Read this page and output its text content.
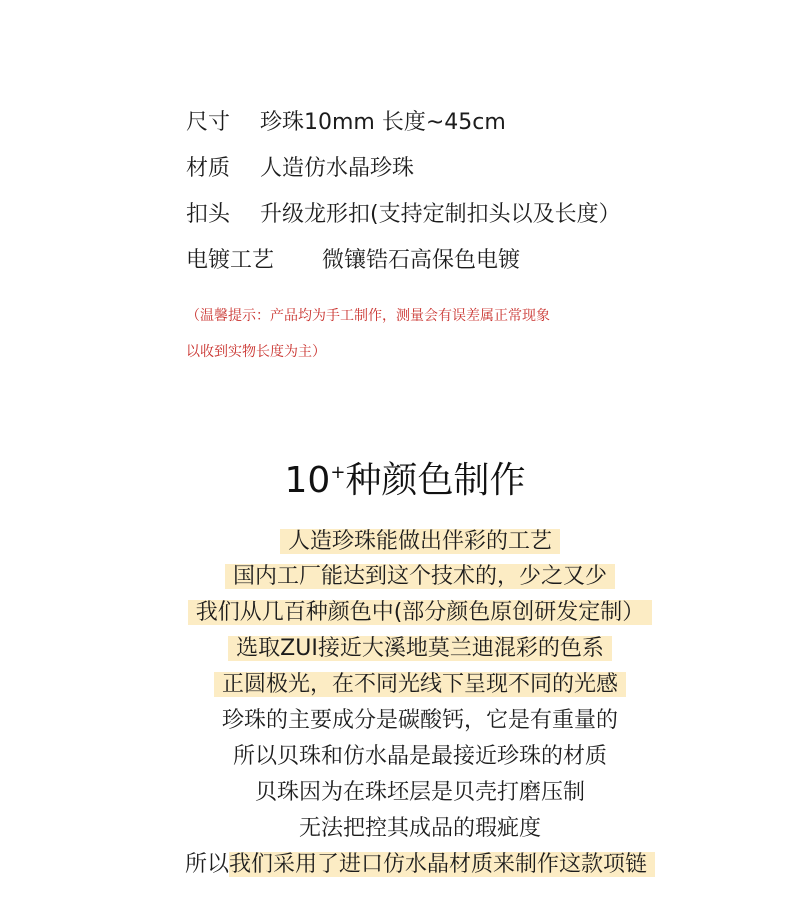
尺寸	珍珠10mm 长度~45cm
材质	人造仿水晶珍珠
扣头	升级龙形扣(支持定制扣头以及长度）
电镀工艺	微镶锆石高保色电镀
（温馨提示：产品均为手工制作，测量会有误差属正常现象
以收到实物长度为主）
10+种颜色制作
人造珍珠能做出伴彩的工艺
国内工厂能达到这个技术的，少之又少
我们从几百种颜色中(部分颜色原创研发定制）
选取ZUI接近大溪地莫兰迪混彩的色系
正圆极光，在不同光线下呈现不同的光感
珍珠的主要成分是碳酸钙，它是有重量的
所以贝珠和仿水晶是最接近珍珠的材质
贝珠因为在珠坯层是贝壳打磨压制
无法把控其成品的瑕疵度
所以我们采用了进口仿水晶材质来制作这款项链
